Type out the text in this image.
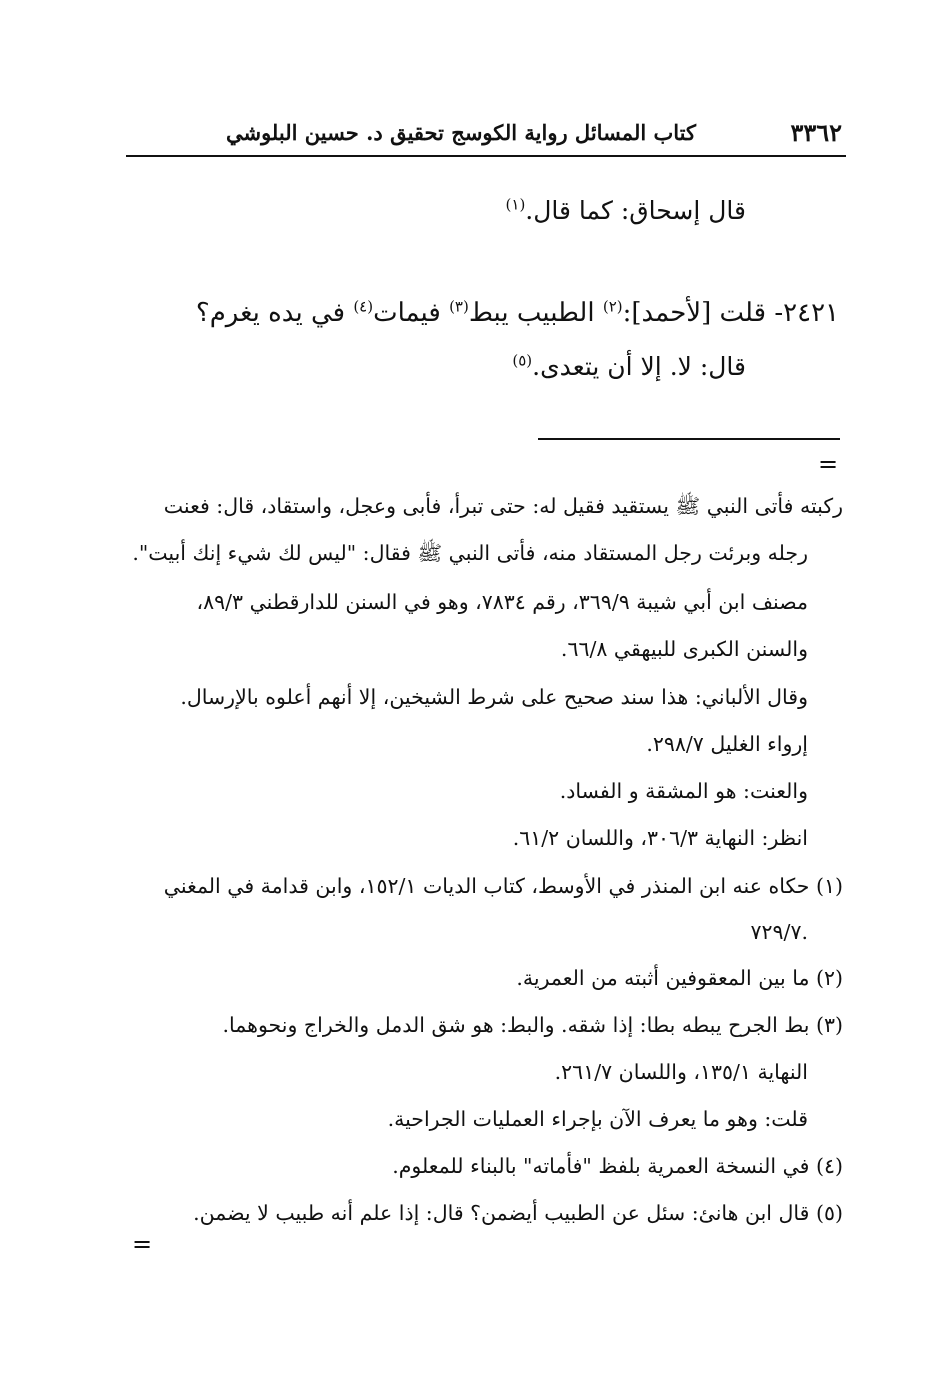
٣٣٦٢
كتاب المسائل رواية الكوسج تحقيق د. حسين البلوشي
قال إسحاق: كما قال.$^{(١)}$
٢٤٢١- قلت [لأحمد]:$^{(٢)}$ الطبيب يبط$^{(٣)}$ فيمات$^{(٤)}$ في يده يغرم؟
قال: لا. إلا أن يتعدى.$^{(٥)}$
=
ركبته فأتى النبي ﷺ يستقيد فقيل له: حتى تبرأ، فأبى وعجل، واستقاد، قال: فعنت
رجله وبرئت رجل المستقاد منه، فأتى النبي ﷺ فقال: "ليس لك شيء إنك أبيت".
مصنف ابن أبي شيبة ٣٦٩/٩، رقم ٧٨٣٤، وهو في السنن للدارقطني ٨٩/٣،
والسنن الكبرى للبيهقي ٦٦/٨.
وقال الألباني: هذا سند صحيح على شرط الشيخين، إلا أنهم أعلوه بالإرسال.
إرواء الغليل ٢٩٨/٧.
والعنت: هو المشقة و الفساد.
انظر: النهاية ٣٠٦/٣، واللسان ٦١/٢.
(١) حكاه عنه ابن المنذر في الأوسط، كتاب الديات ١٥٢/١، وابن قدامة في المغني
٧٢٩/٧.
(٢) ما بين المعقوفين أثبته من العمرية.
(٣) بط الجرح يبطه بطا: إذا شقه. والبط: هو شق الدمل والخراج ونحوهما.
النهاية ١٣٥/١، واللسان ٢٦١/٧.
قلت: وهو ما يعرف الآن بإجراء العمليات الجراحية.
(٤) في النسخة العمرية بلفظ "فأماته" بالبناء للمعلوم.
(٥) قال ابن هانئ: سئل عن الطبيب أيضمن؟ قال: إذا علم أنه طبيب لا يضمن.
=
